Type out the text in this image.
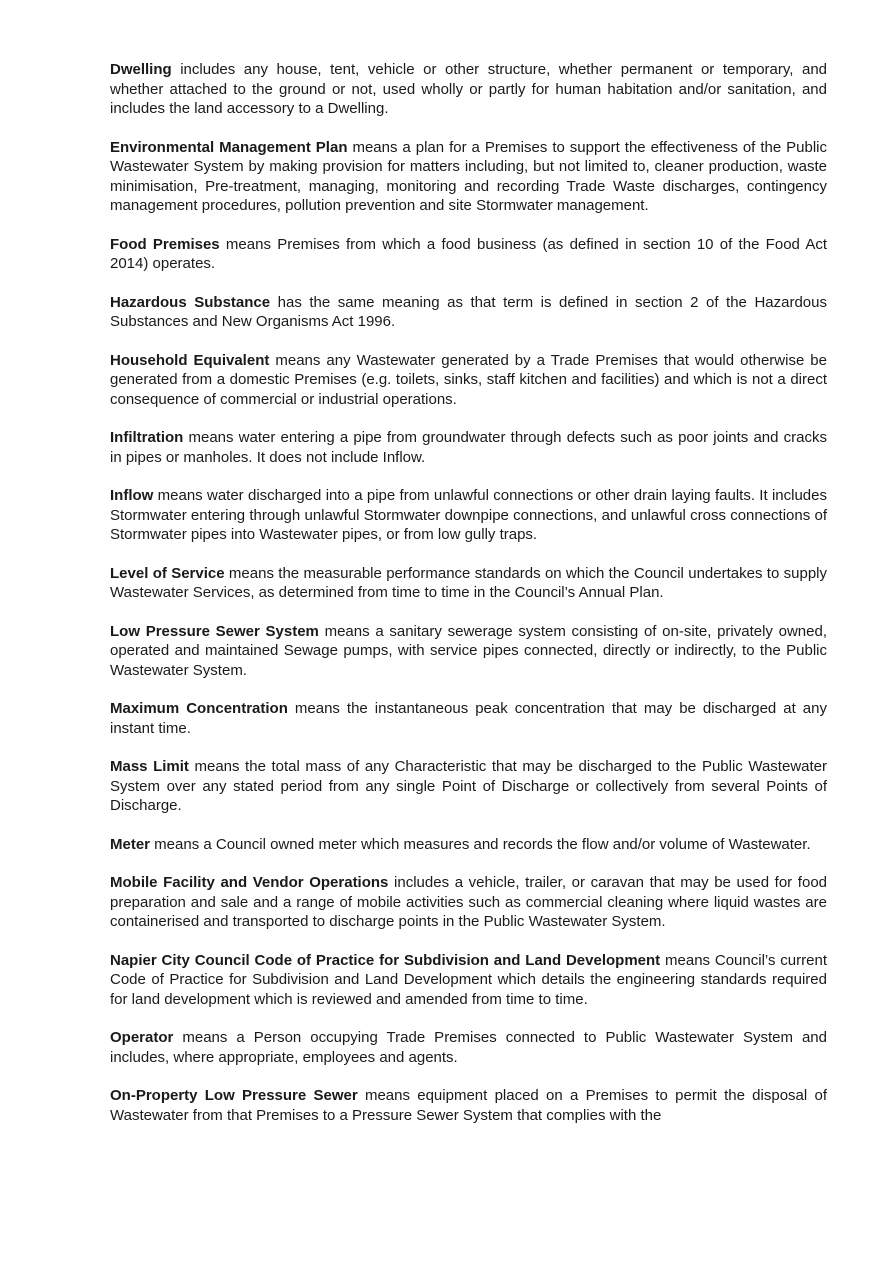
Dwelling includes any house, tent, vehicle or other structure, whether permanent or temporary, and whether attached to the ground or not, used wholly or partly for human habitation and/or sanitation, and includes the land accessory to a Dwelling.

Environmental Management Plan means a plan for a Premises to support the effectiveness of the Public Wastewater System by making provision for matters including, but not limited to, cleaner production, waste minimisation, Pre-treatment, managing, monitoring and recording Trade Waste discharges, contingency management procedures, pollution prevention and site Stormwater management.

Food Premises means Premises from which a food business (as defined in section 10 of the Food Act 2014) operates.

Hazardous Substance has the same meaning as that term is defined in section 2 of the Hazardous Substances and New Organisms Act 1996.

Household Equivalent means any Wastewater generated by a Trade Premises that would otherwise be generated from a domestic Premises (e.g. toilets, sinks, staff kitchen and facilities) and which is not a direct consequence of commercial or industrial operations.

Infiltration means water entering a pipe from groundwater through defects such as poor joints and cracks in pipes or manholes. It does not include Inflow.

Inflow means water discharged into a pipe from unlawful connections or other drain laying faults. It includes Stormwater entering through unlawful Stormwater downpipe connections, and unlawful cross connections of Stormwater pipes into Wastewater pipes, or from low gully traps.

Level of Service means the measurable performance standards on which the Council undertakes to supply Wastewater Services, as determined from time to time in the Council’s Annual Plan.

Low Pressure Sewer System means a sanitary sewerage system consisting of on-site, privately owned, operated and maintained Sewage pumps, with service pipes connected, directly or indirectly, to the Public Wastewater System.

Maximum Concentration means the instantaneous peak concentration that may be discharged at any instant time.

Mass Limit means the total mass of any Characteristic that may be discharged to the Public Wastewater System over any stated period from any single Point of Discharge or collectively from several Points of Discharge.

Meter means a Council owned meter which measures and records the flow and/or volume of Wastewater.

Mobile Facility and Vendor Operations includes a vehicle, trailer, or caravan that may be used for food preparation and sale and a range of mobile activities such as commercial cleaning where liquid wastes are containerised and transported to discharge points in the Public Wastewater System.

Napier City Council Code of Practice for Subdivision and Land Development means Council’s current Code of Practice for Subdivision and Land Development which details the engineering standards required for land development which is reviewed and amended from time to time.

Operator means a Person occupying Trade Premises connected to Public Wastewater System and includes, where appropriate, employees and agents.

On-Property Low Pressure Sewer means equipment placed on a Premises to permit the disposal of Wastewater from that Premises to a Pressure Sewer System that complies with the
